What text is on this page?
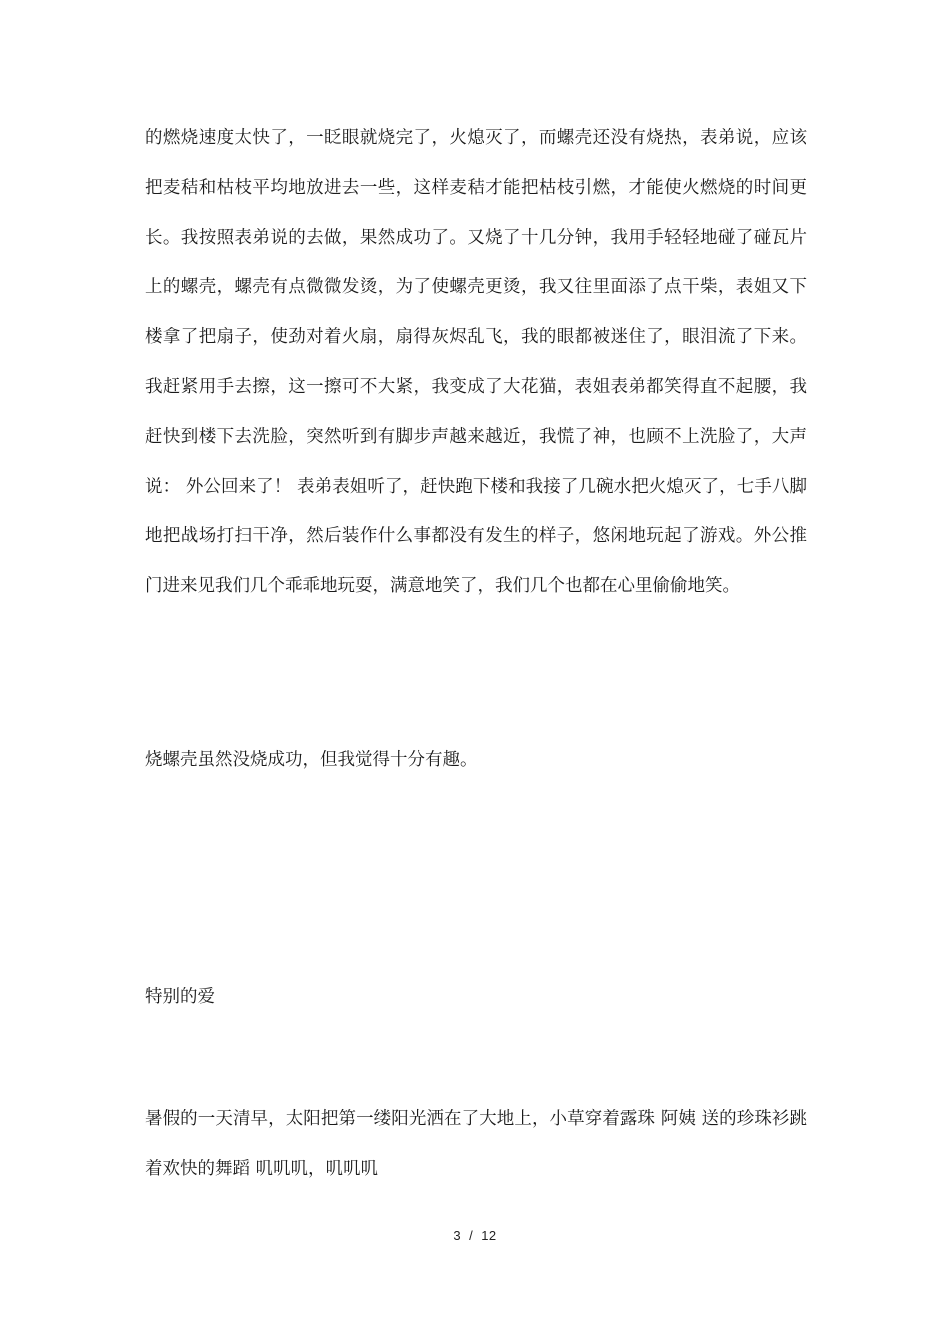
的燃烧速度太快了，一眨眼就烧完了，火熄灭了，而螺壳还没有烧热，表弟说，应该把麦秸和枯枝平均地放进去一些，这样麦秸才能把枯枝引燃，才能使火燃烧的时间更长。我按照表弟说的去做，果然成功了。又烧了十几分钟，我用手轻轻地碰了碰瓦片上的螺壳，螺壳有点微微发烫，为了使螺壳更烫，我又往里面添了点干柴，表姐又下楼拿了把扇子，使劲对着火扇，扇得灰烬乱飞，我的眼都被迷住了，眼泪流了下来。我赶紧用手去擦，这一擦可不大紧，我变成了大花猫，表姐表弟都笑得直不起腰，我赶快到楼下去洗脸，突然听到有脚步声越来越近，我慌了神，也顾不上洗脸了，大声说： 外公回来了！ 表弟表姐听了，赶快跑下楼和我接了几碗水把火熄灭了，七手八脚地把战场打扫干净，然后装作什么事都没有发生的样子，悠闲地玩起了游戏。外公推门进来见我们几个乖乖地玩耍，满意地笑了，我们几个也都在心里偷偷地笑。

烧螺壳虽然没烧成功，但我觉得十分有趣。

特别的爱

暑假的一天清早，太阳把第一缕阳光洒在了大地上，小草穿着露珠 阿姨 送的珍珠衫跳着欢快的舞蹈 叽叽叽，叽叽叽

3 / 12
